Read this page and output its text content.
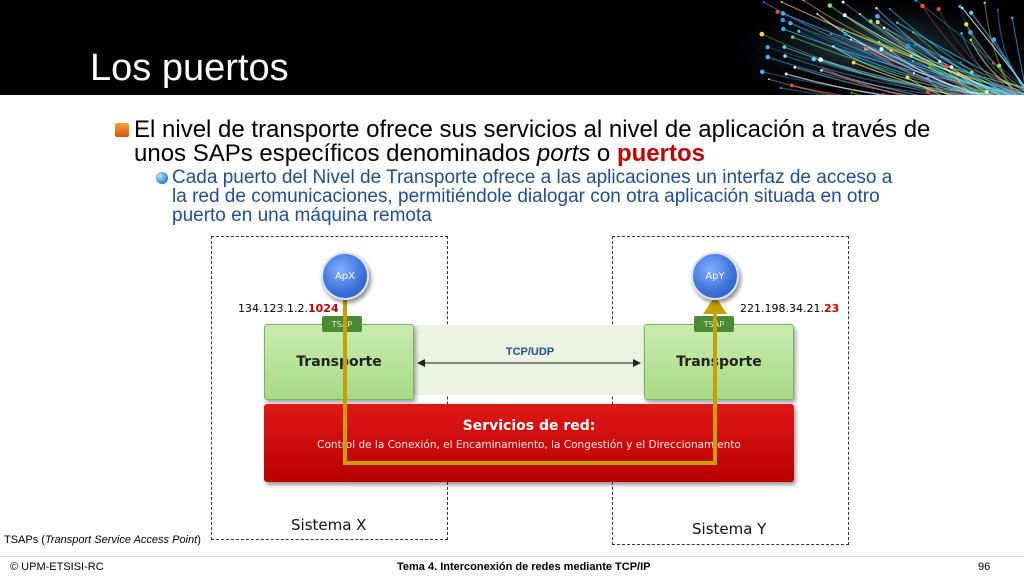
Los puertos
El nivel de transporte ofrece sus servicios al nivel de aplicación a través de unos SAPs específicos denominados ports o puertos
Cada puerto del Nivel de Transporte ofrece a las aplicaciones un interfaz de acceso a la red de comunicaciones, permitiéndole dialogar con otra aplicación situada en otro puerto en una máquina remota
Transporte	Transporte
TSAP	TSAP
TCP/UDP
Servicios de red:
Control de la Conexión, el Encaminamiento, la Congestión y el Direccionamiento
ApX	ApY
134.123.1.2.1024	221.198.34.21.23
Sistema X	Sistema Y
TSAPs (Transport Service Access Point)
© UPM-ETSISI-RC	Tema 4. Interconexión de redes mediante TCP/IP	96
